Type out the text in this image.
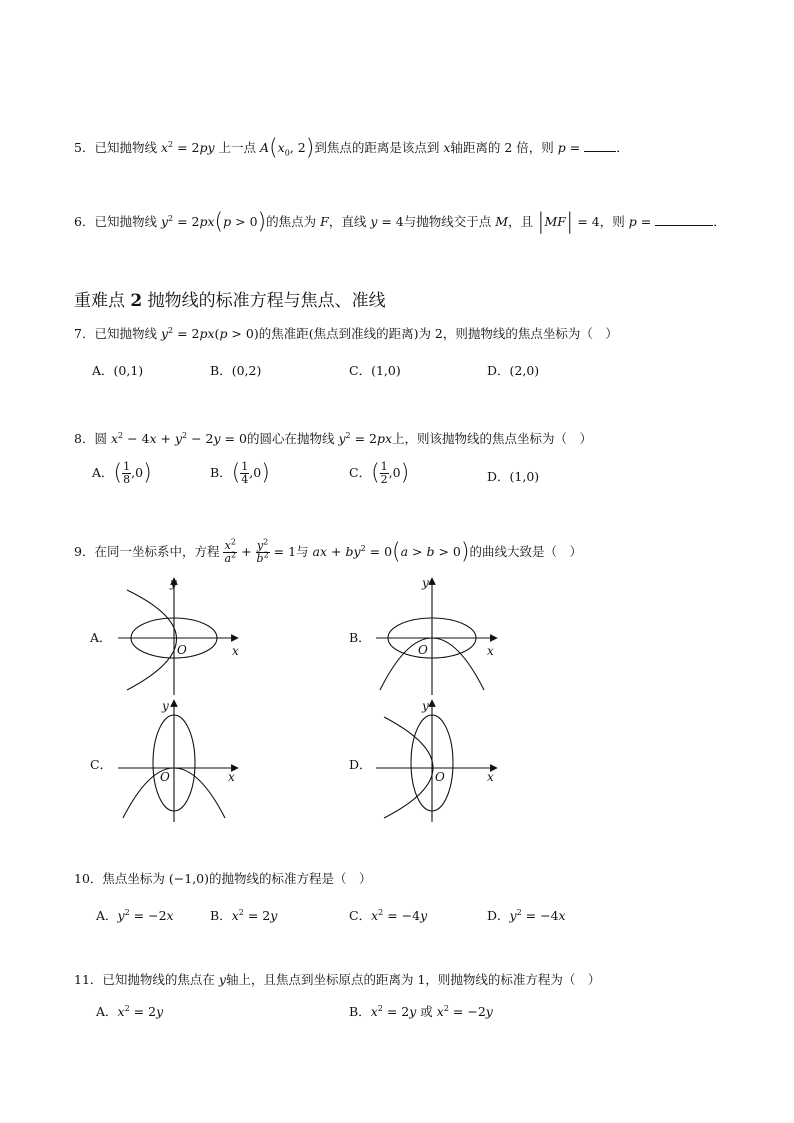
5．已知抛物线 $x^2 = 2py$ 上一点 $A(x_0$, 2)到焦点的距离是该点到 x轴距离的 2 倍，则 p =	．
6．已知抛物线 $y^2 = 2px(p > 0)$的焦点为 F，直线 y = 4与抛物线交于点 M，且 |MF| = 4，则 p =	．
重难点 2 抛物线的标准方程与焦点、准线
7．已知抛物线 $y^2 = 2px(p > 0)$的焦准距(焦点到准线的距离)为 2，则抛物线的焦点坐标为（　）
A．(0,1)	B．(0,2)	C．(1,0)	D．(2,0)
8．圆 $x^2 - 4x + y^2 - 2y = 0$的圆心在抛物线 $y^2 = 2px$上，则该抛物线的焦点坐标为（　）
A．( $\frac{1}{8} ,0$)	B．( $\frac{1}{4} ,0$)	C．( $\frac{1}{2} ,0$)	D．(1,0)
9．在同一坐标系中，方程 $\frac{x^2}{a^2} + \frac{y^2}{b^2} = 1$与 ax + $by^2 = 0(a > b > 0)$的曲线大致是（　）
A．	B．
C．	D．
x
y
O	x
y
O
x
y
O	x
y
O
10．焦点坐标为 (−1,0)的抛物线的标准方程是（　）
A．$y^2 = -2x$	B．$x^2 = 2y$	C．$x^2 = -4y$	D．$y^2 = -4x$
11．已知抛物线的焦点在 y轴上，且焦点到坐标原点的距离为 1，则抛物线的标准方程为（　）
A．$x^2 = 2y$	B．$x^2 = 2y$ 或 $x^2 = -2y$
